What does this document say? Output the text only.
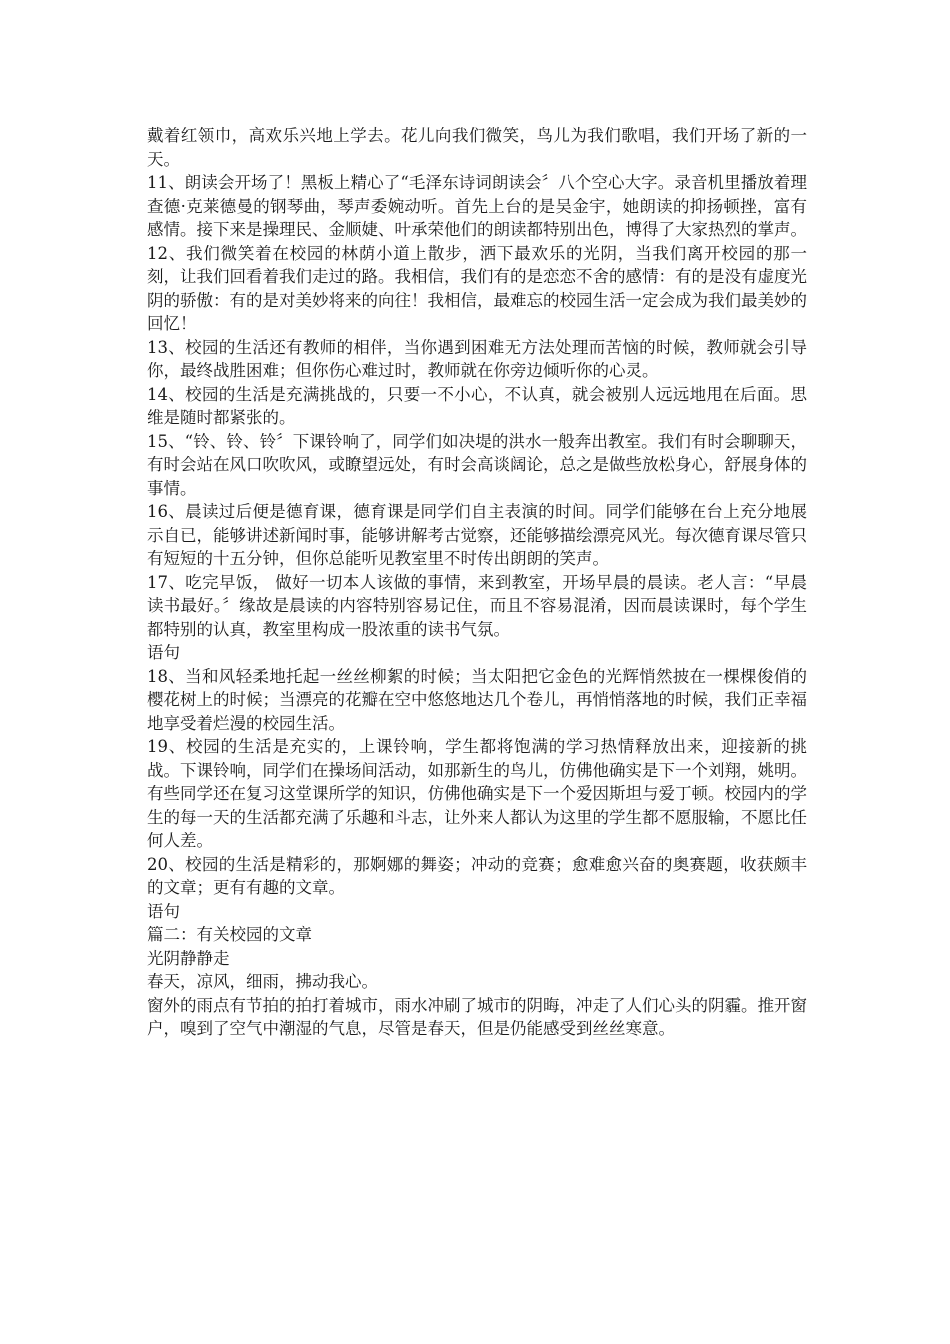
戴着红领巾，高欢乐兴地上学去。花儿向我们微笑，鸟儿为我们歌唱，我们开场了新的一天。

11、朗读会开场了！黑板上精心了“毛泽东诗词朗读会〞八个空心大字。录音机里播放着理查德·克莱德曼的钢琴曲，琴声委婉动听。首先上台的是吴金宇，她朗读的抑扬顿挫，富有感情。接下来是操理民、金顺婕、叶承荣他们的朗读都特别出色，博得了大家热烈的掌声。

12、我们微笑着在校园的林荫小道上散步，洒下最欢乐的光阴，当我们离开校园的那一刻，让我们回看着我们走过的路。我相信，我们有的是恋恋不舍的感情：有的是没有虚度光阴的骄傲：有的是对美妙将来的向往！我相信，最难忘的校园生活一定会成为我们最美妙的回忆！

13、校园的生活还有教师的相伴，当你遇到困难无方法处理而苦恼的时候，教师就会引导你，最终战胜困难；但你伤心难过时，教师就在你旁边倾听你的心灵。

14、校园的生活是充满挑战的，只要一不小心，不认真，就会被别人远远地甩在后面。思维是随时都紧张的。

15、“铃、铃、铃〞下课铃响了，同学们如决堤的洪水一般奔出教室。我们有时会聊聊天，有时会站在风口吹吹风，或瞭望远处，有时会高谈阔论，总之是做些放松身心，舒展身体的事情。

16、晨读过后便是德育课，德育课是同学们自主表演的时间。同学们能够在台上充分地展示自已，能够讲述新闻时事，能够讲解考古觉察，还能够描绘漂亮风光。每次德育课尽管只有短短的十五分钟，但你总能听见教室里不时传出朗朗的笑声。

17、吃完早饭， 做好一切本人该做的事情，来到教室，开场早晨的晨读。老人言：“早晨读书最好。〞缘故是晨读的内容特别容易记住，而且不容易混淆，因而晨读课时，每个学生都特别的认真，教室里构成一股浓重的读书气氛。

语句

18、当和风轻柔地托起一丝丝柳絮的时候；当太阳把它金色的光辉悄然披在一棵棵俊俏的樱花树上的时候；当漂亮的花瓣在空中悠悠地达几个卷儿，再悄悄落地的时候，我们正幸福地享受着烂漫的校园生活。

19、校园的生活是充实的，上课铃响，学生都将饱满的学习热情释放出来，迎接新的挑战。下课铃响，同学们在操场间活动，如那新生的鸟儿，仿佛他确实是下一个刘翔，姚明。有些同学还在复习这堂课所学的知识，仿佛他确实是下一个爱因斯坦与爱丁顿。校园内的学生的每一天的生活都充满了乐趣和斗志，让外来人都认为这里的学生都不愿服输，不愿比任何人差。

20、校园的生活是精彩的，那婀娜的舞姿；冲动的竞赛；愈难愈兴奋的奥赛题，收获颇丰的文章；更有有趣的文章。

语句

篇二：有关校园的文章

光阴静静走

春天，凉风，细雨，拂动我心。

窗外的雨点有节拍的拍打着城市，雨水冲刷了城市的阴晦，冲走了人们心头的阴霾。推开窗户，嗅到了空气中潮湿的气息，尽管是春天，但是仍能感受到丝丝寒意。
